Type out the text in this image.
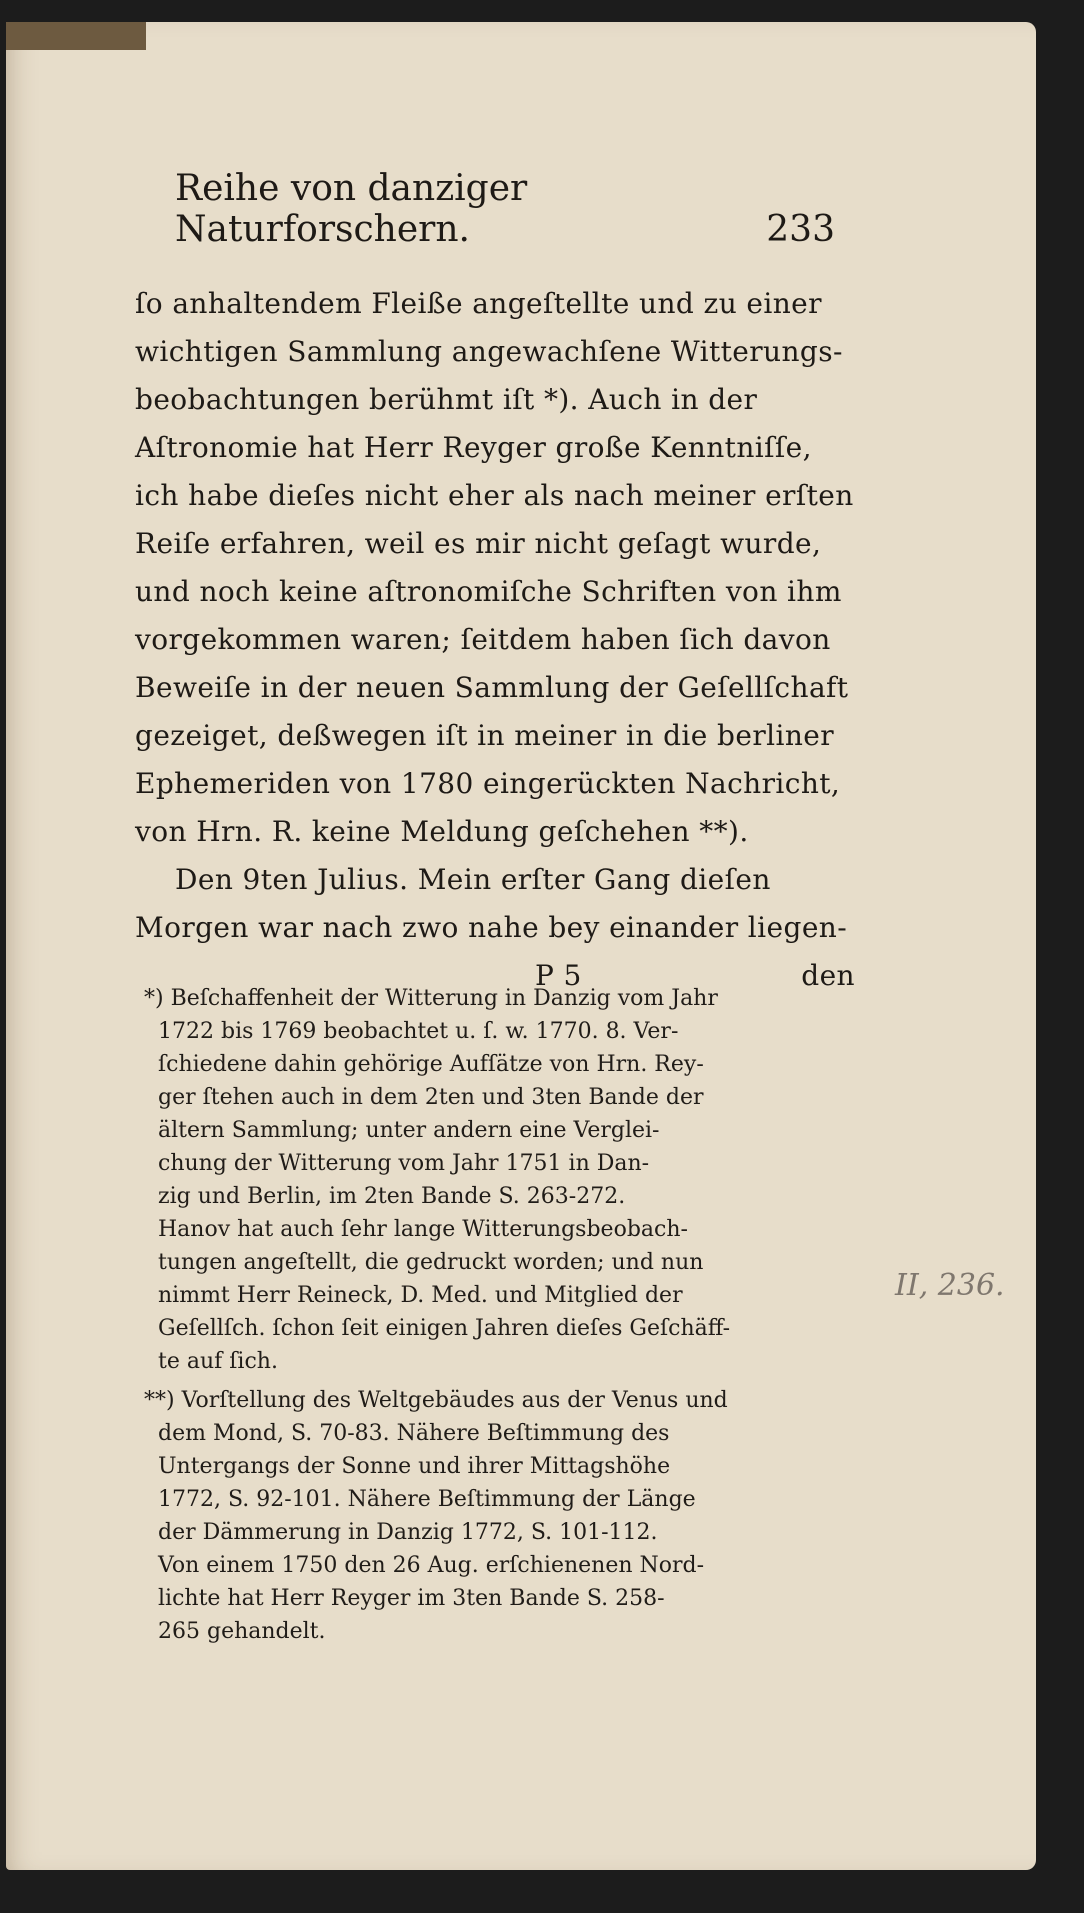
Reihe von danziger Naturforschern.	233
ſo anhaltendem Fleiße angeſtellte und zu einer
wichtigen Sammlung angewachſene Witterungs-
beobachtungen berühmt iſt *). Auch in der
Aſtronomie hat Herr Reyger große Kenntniſſe,
ich habe dieſes nicht eher als nach meiner erſten
Reiſe erfahren, weil es mir nicht geſagt wurde,
und noch keine aſtronomiſche Schriften von ihm
vorgekommen waren; ſeitdem haben ſich davon
Beweiſe in der neuen Sammlung der Geſellſchaft
gezeiget, deßwegen iſt in meiner in die berliner
Ephemeriden von 1780 eingerückten Nachricht,
von Hrn. R. keine Meldung geſchehen **).
Den 9ten Julius. Mein erſter Gang dieſen
Morgen war nach zwo nahe bey einander liegen-
P 5	den
*) Beſchaffenheit der Witterung in Danzig vom Jahr
1722 bis 1769 beobachtet u. ſ. w. 1770. 8. Ver-
ſchiedene dahin gehörige Aufſätze von Hrn. Rey-
ger ſtehen auch in dem 2ten und 3ten Bande der
ältern Sammlung; unter andern eine Verglei-
chung der Witterung vom Jahr 1751 in Dan-
zig und Berlin, im 2ten Bande S. 263-272.
Hanov hat auch ſehr lange Witterungsbeobach-
tungen angeſtellt, die gedruckt worden; und nun
nimmt Herr Reineck, D. Med. und Mitglied der
Geſellſch. ſchon ſeit einigen Jahren dieſes Geſchäff-
te auf ſich.
**) Vorſtellung des Weltgebäudes aus der Venus und
dem Mond, S. 70-83. Nähere Beſtimmung des
Untergangs der Sonne und ihrer Mittagshöhe
1772, S. 92-101. Nähere Beſtimmung der Länge
der Dämmerung in Danzig 1772, S. 101-112.
Von einem 1750 den 26 Aug. erſchienenen Nord-
lichte hat Herr Reyger im 3ten Bande S. 258-
265 gehandelt.
II, 236.
